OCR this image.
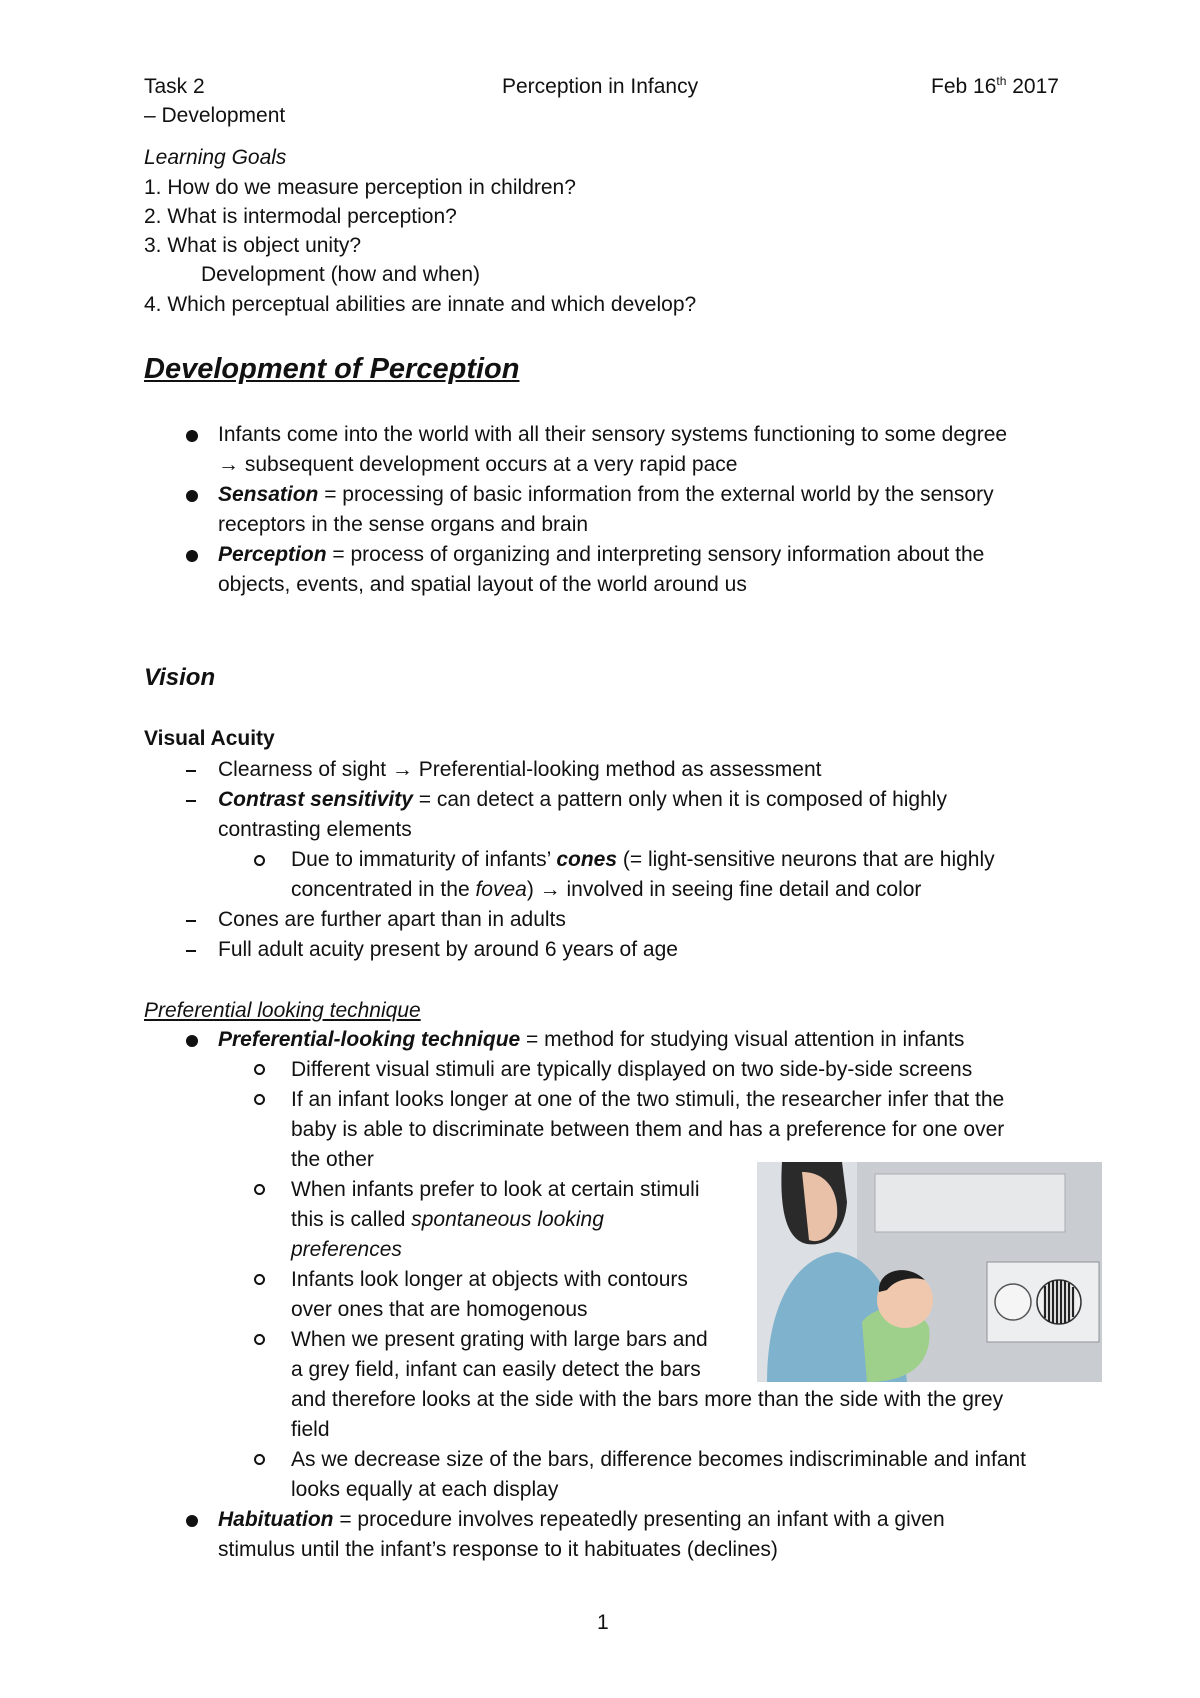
Task 2	Perception in Infancy	Feb 16th 2017
– Development
Learning Goals
1. How do we measure perception in children?
2. What is intermodal perception?
3. What is object unity?
Development (how and when)
4. Which perceptual abilities are innate and which develop?
Development of Perception
Infants come into the world with all their sensory systems functioning to some degree
→ subsequent development occurs at a very rapid pace
Sensation = processing of basic information from the external world by the sensory
receptors in the sense organs and brain
Perception = process of organizing and interpreting sensory information about the
objects, events, and spatial layout of the world around us
Vision
Visual Acuity
Clearness of sight → Preferential-looking method as assessment
Contrast sensitivity = can detect a pattern only when it is composed of highly
contrasting elements
Due to immaturity of infants’ cones (= light-sensitive neurons that are highly
concentrated in the fovea) → involved in seeing fine detail and color
Cones are further apart than in adults
Full adult acuity present by around 6 years of age
Preferential looking technique
Preferential-looking technique = method for studying visual attention in infants
Different visual stimuli are typically displayed on two side-by-side screens
If an infant looks longer at one of the two stimuli, the researcher infer that the
baby is able to discriminate between them and has a preference for one over
the other
When infants prefer to look at certain stimuli
this is called spontaneous looking
preferences
Infants look longer at objects with contours
over ones that are homogenous
When we present grating with large bars and
a grey field, infant can easily detect the bars
and therefore looks at the side with the bars more than the side with the grey
field
As we decrease size of the bars, difference becomes indiscriminable and infant
looks equally at each display
Habituation = procedure involves repeatedly presenting an infant with a given
stimulus until the infant’s response to it habituates (declines)
1
